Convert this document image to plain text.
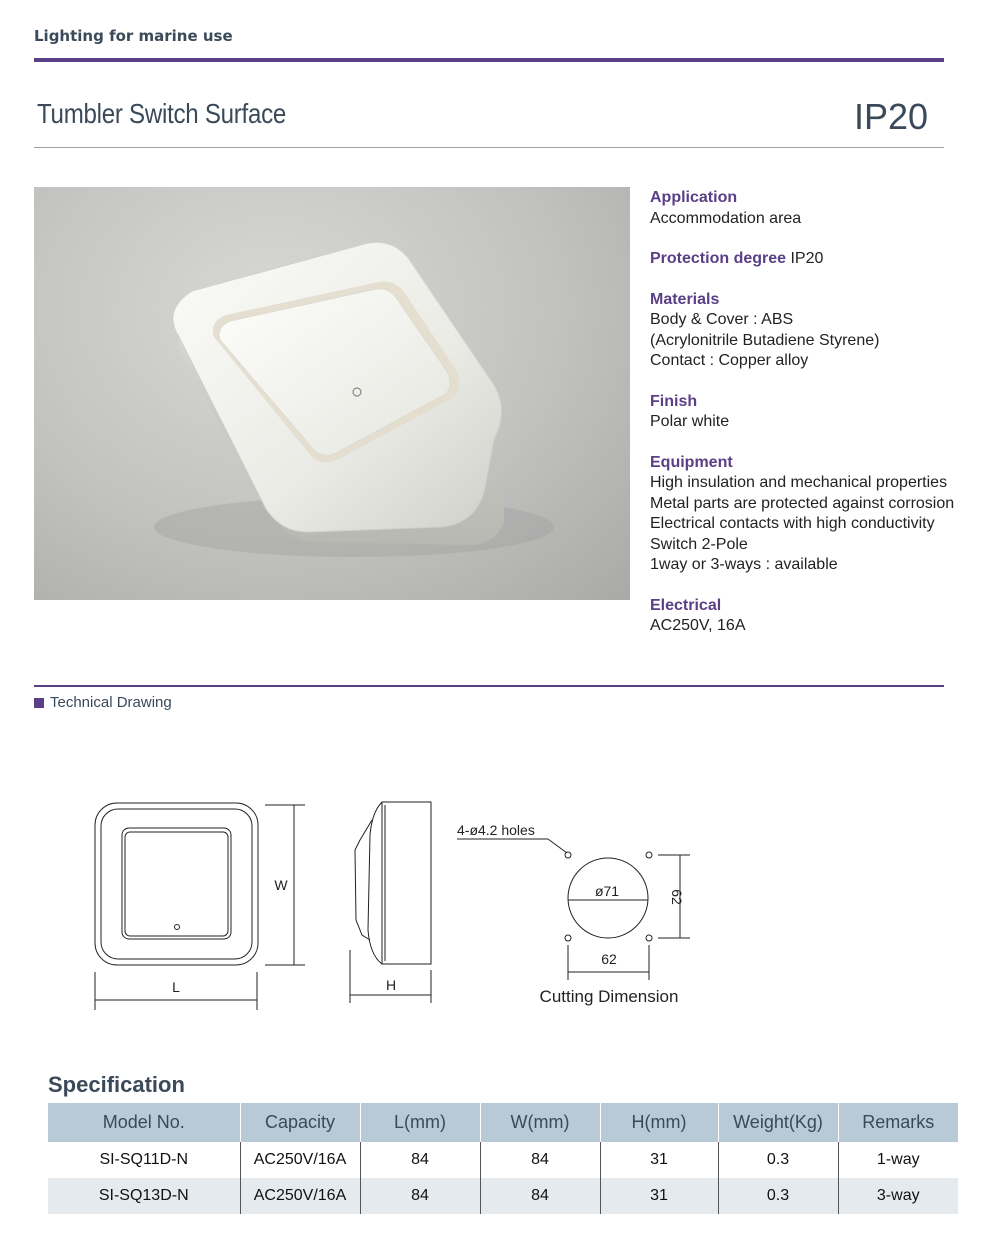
Lighting for marine use
Tumbler Switch Surface	IP20
Application
Accommodation area
Protection degree IP20
Materials
Body & Cover : ABS
(Acrylonitrile Butadiene Styrene)
Contact : Copper alloy
Finish
Polar white
Equipment
High insulation and mechanical properties
Metal parts are protected against corrosion
Electrical contacts with high conductivity
Switch 2-Pole
1way or 3-ways : available
Electrical
AC250V, 16A
Technical Drawing
W
L	H
4-ø4.2 holes
ø71	62
62
Cutting Dimension
Specification
Model No.	Capacity	L(mm)	W(mm)	H(mm)	Weight(Kg)	Remarks
SI-SQ11D-N	AC250V/16A	84	84	31	0.3	1-way
SI-SQ13D-N	AC250V/16A	84	84	31	0.3	3-way
